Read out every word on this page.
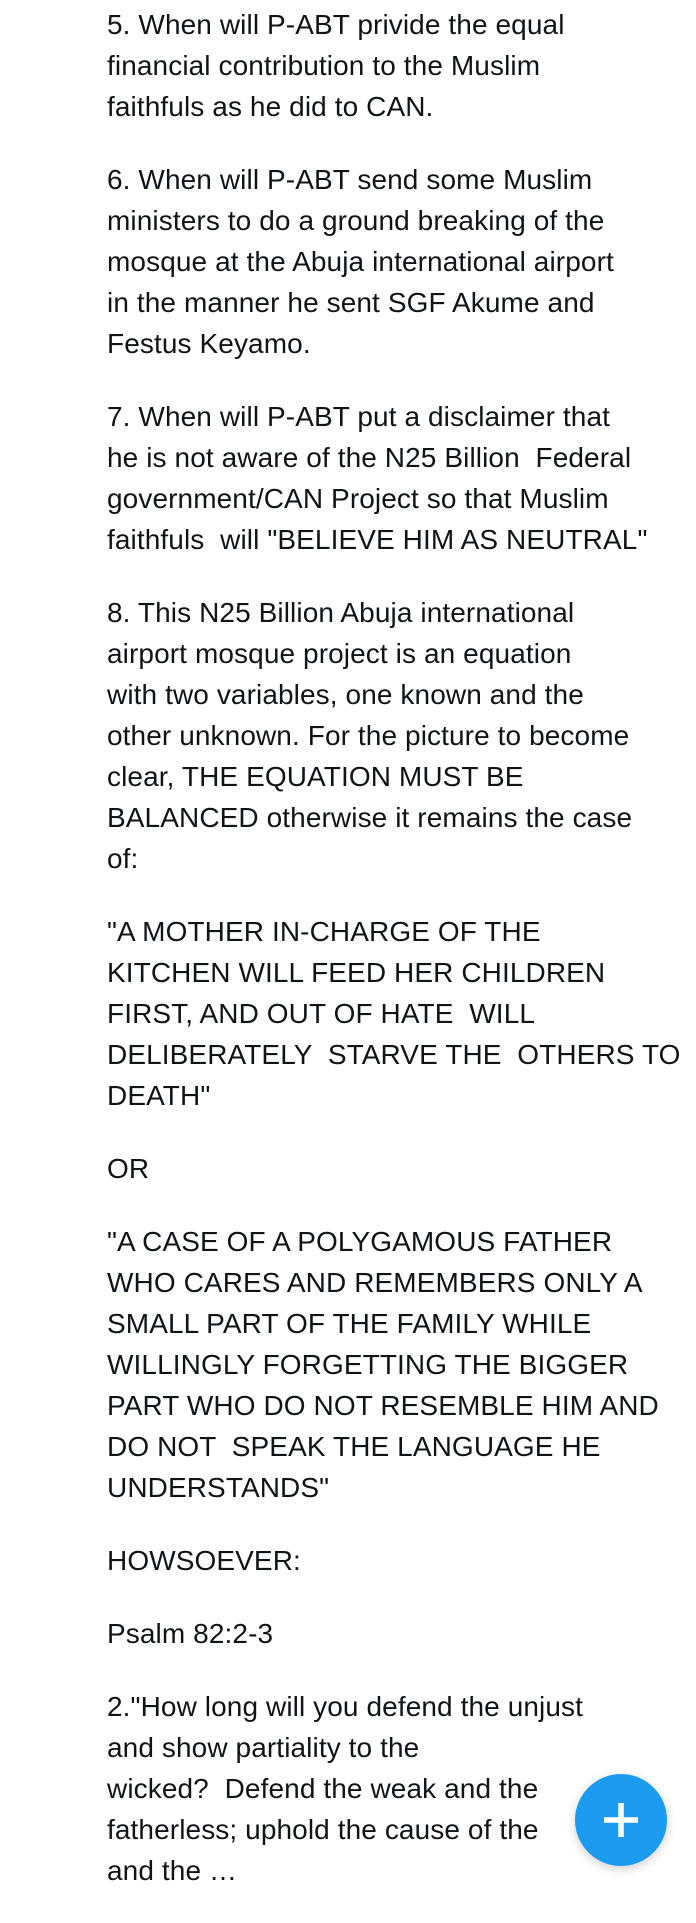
5. When will P-ABT privide the equal
financial contribution to the Muslim
faithfuls as he did to CAN.

6. When will P-ABT send some Muslim
ministers to do a ground breaking of the
mosque at the Abuja international airport
in the manner he sent SGF Akume and
Festus Keyamo.

7. When will P-ABT put a disclaimer that
he is not aware of the N25 Billion  Federal
government/CAN Project so that Muslim
faithfuls  will "BELIEVE HIM AS NEUTRAL"

8. This N25 Billion Abuja international
airport mosque project is an equation
with two variables, one known and the
other unknown. For the picture to become
clear, THE EQUATION MUST BE
BALANCED otherwise it remains the case
of:

"A MOTHER IN-CHARGE OF THE
KITCHEN WILL FEED HER CHILDREN
FIRST, AND OUT OF HATE  WILL
DELIBERATELY  STARVE THE  OTHERS TO
DEATH"

OR

"A CASE OF A POLYGAMOUS FATHER
WHO CARES AND REMEMBERS ONLY A
SMALL PART OF THE FAMILY WHILE
WILLINGLY FORGETTING THE BIGGER
PART WHO DO NOT RESEMBLE HIM AND
DO NOT  SPEAK THE LANGUAGE HE
UNDERSTANDS"

HOWSOEVER:

Psalm 82:2-3

2."How long will you defend the unjust
and show partiality to the
wicked?  Defend the weak and the
fatherless; uphold the cause of the
and the …
